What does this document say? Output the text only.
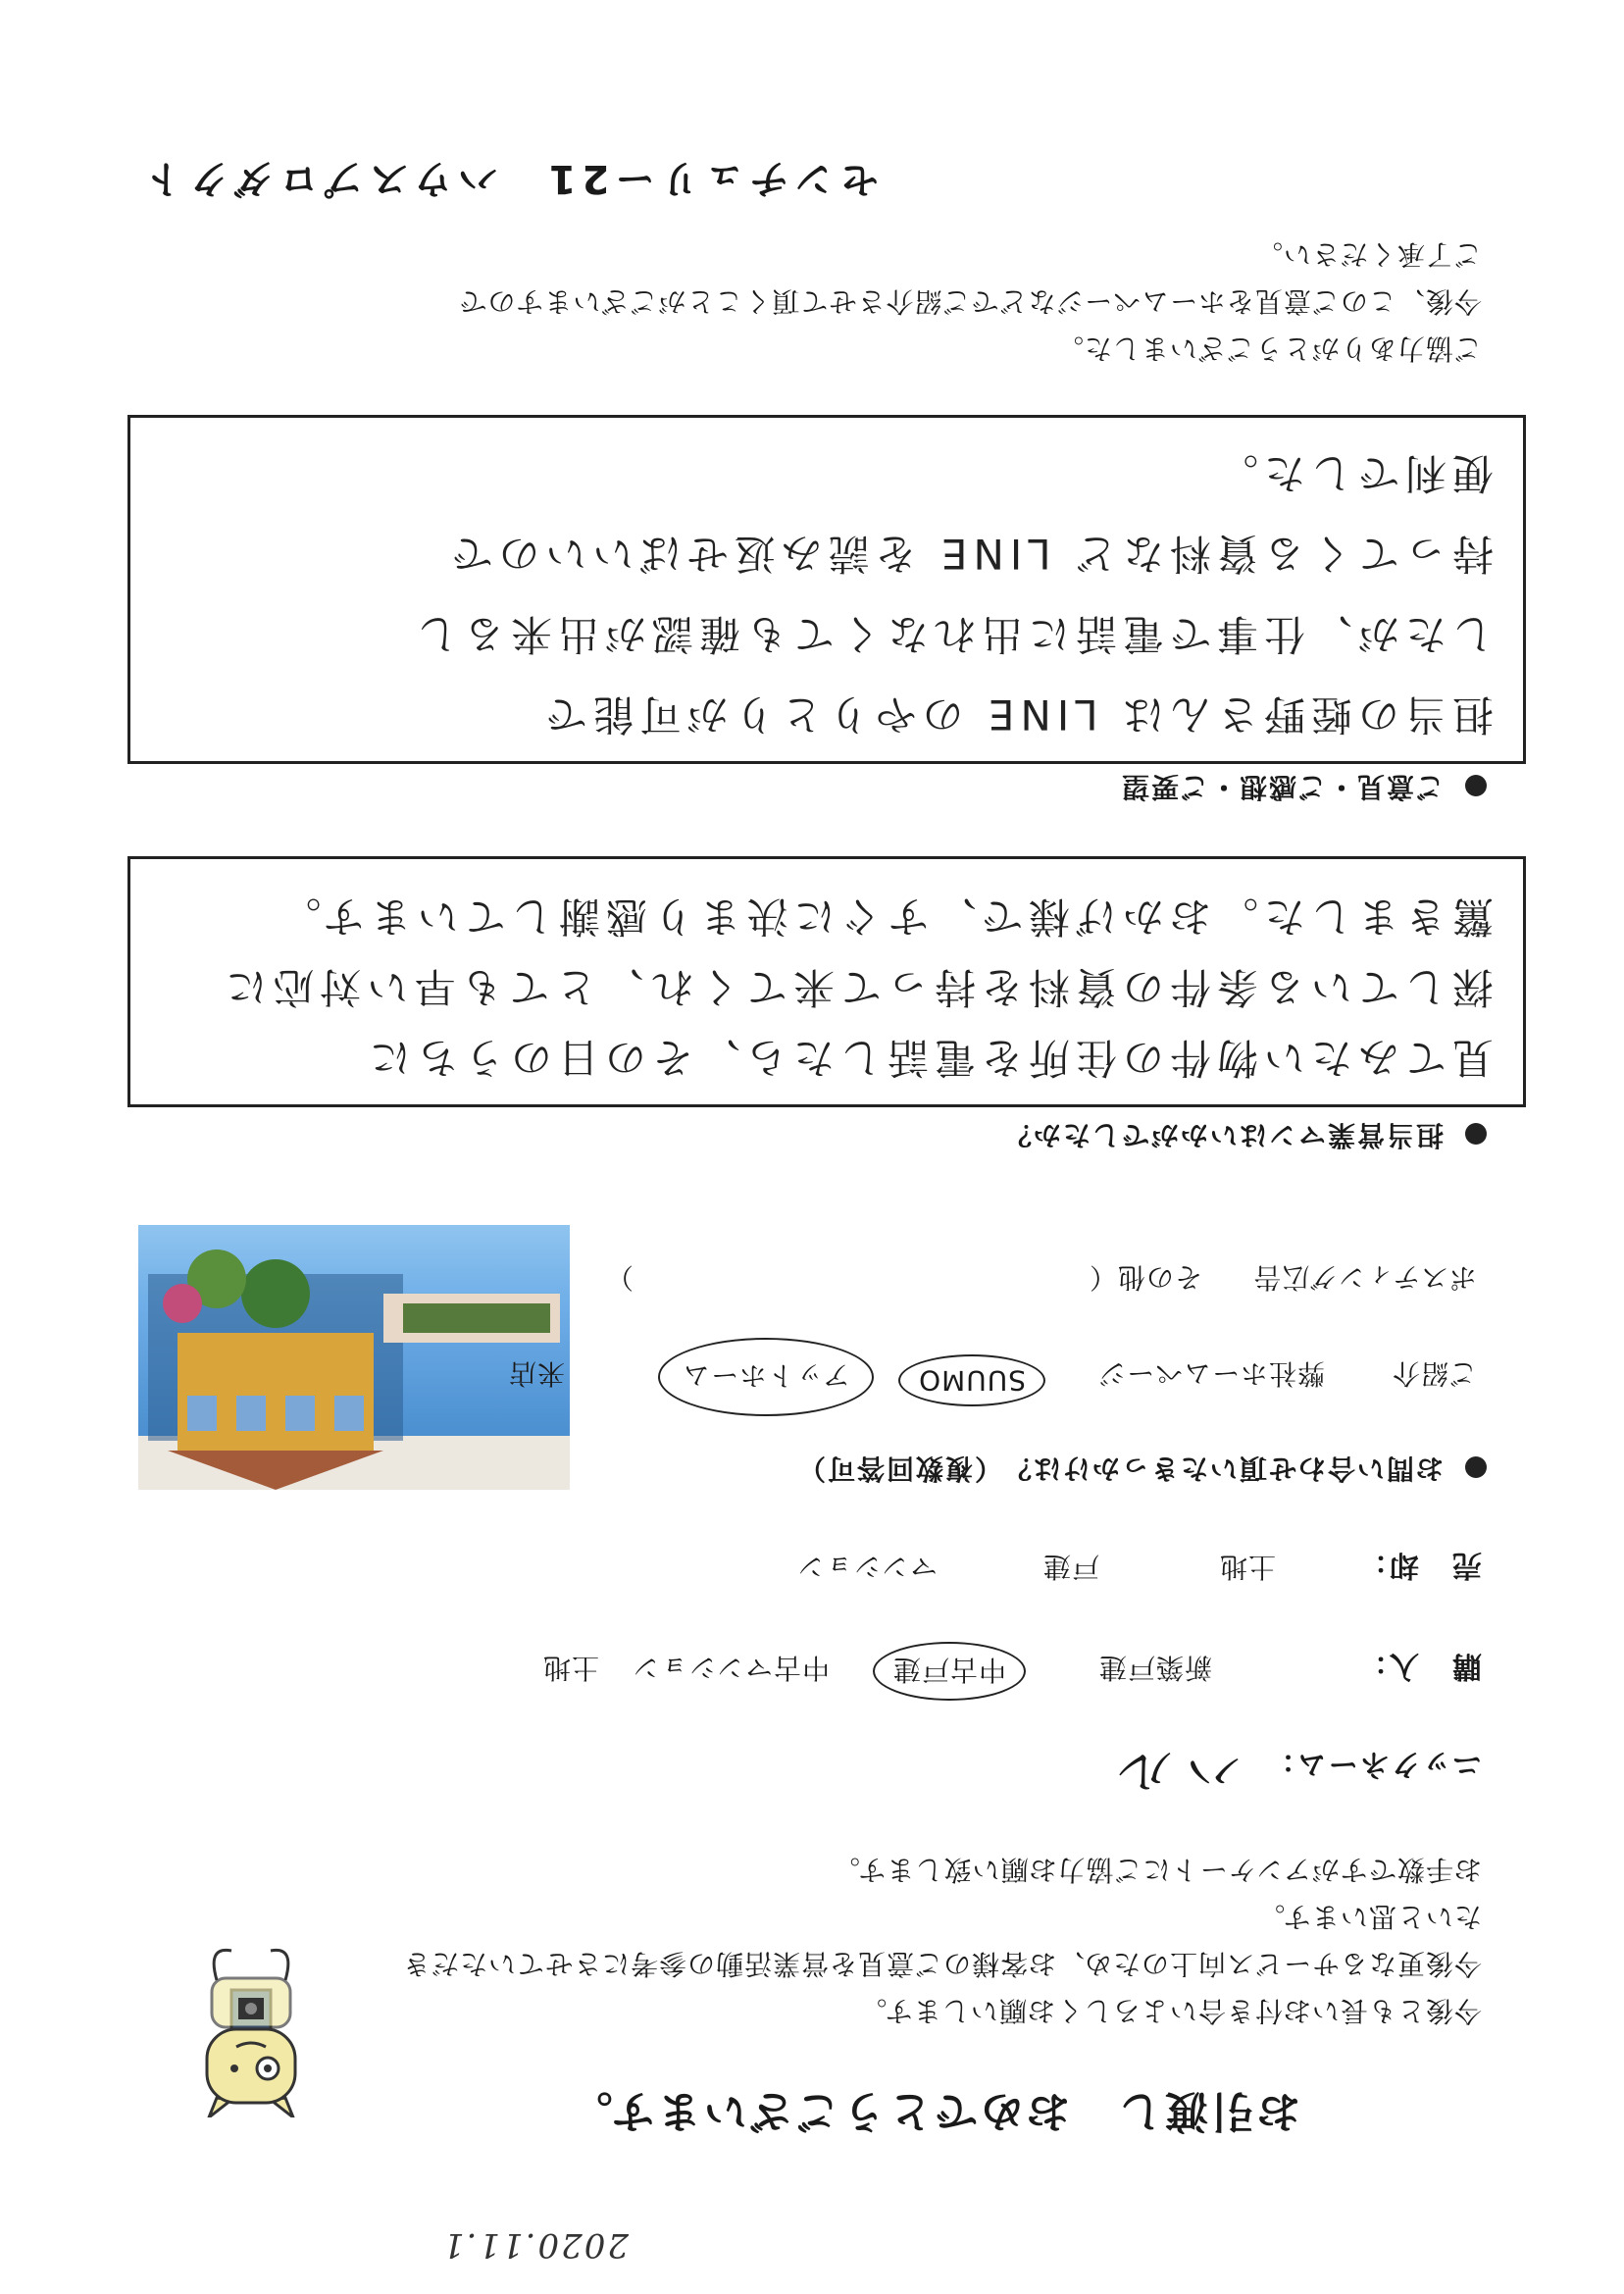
2020.11.1
お引渡し　おめでとうございます。
今後とも長いお付き合いよろしくお願いします。
今後更なるサービス向上のため、お客様のご意見を営業活動の参考にさせていただき
たいと思います。
お手数ですがアンケートにご協力お願い致します。
ニックネーム：
ハル
購　入：
新築戸建
中古戸建
中古マンション
土地
売　却：
土地
戸建
マンション
お問い合わせ頂いたきっかけは？（複数回答可）
ご紹介
弊社ホームページ
SUUMO
アットホーム
来店
ポスティング広告
その他（
）
担当営業マンはいかがでしたか？
見てみたい物件の住所を電話したら、その日のうちに
探している条件の資料を持って来てくれ、とても早い対応に
驚きました。おかげ様で、すぐに決まり感謝しています。
ご意見・ご感想・ご要望
担当の蛭野さんは LINE のやりとりが可能で
したが、仕事で電話に出れなくても確認が出来るし
持ってくる資料など LINE を読み返せばいいので
便利でした。
ご協力ありがとうございました。
今後、このご意見をホームページなどでご紹介させて頂くことがございますので
ご了承ください。
センチュリー21　ハウスプロダクト
